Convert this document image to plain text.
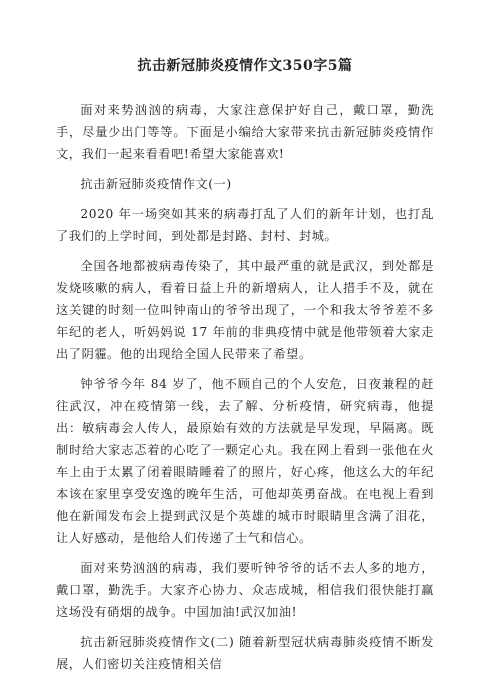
抗击新冠肺炎疫情作文350字5篇
面对来势汹汹的病毒，大家注意保护好自己，戴口罩，勤洗手，尽量少出门等等。下面是小编给大家带来抗击新冠肺炎疫情作文，我们一起来看看吧!希望大家能喜欢!
抗击新冠肺炎疫情作文(一)
2020 年一场突如其来的病毒打乱了人们的新年计划，也打乱了我们的上学时间，到处都是封路、封村、封城。
全国各地都被病毒传染了，其中最严重的就是武汉，到处都是发烧咳嗽的病人，看着日益上升的新增病人，让人措手不及，就在这关键的时刻一位叫钟南山的爷爷出现了，一个和我太爷爷差不多年纪的老人，听妈妈说 17 年前的非典疫情中就是他带领着大家走出了阴霾。他的出现给全国人民带来了希望。
钟爷爷今年 84 岁了，他不顾自己的个人安危，日夜兼程的赶往武汉，冲在疫情第一线，去了解、分析疫情，研究病毒，他提出：敏病毒会人传人，最原始有效的方法就是早发现，早隔离。既制时给大家志忑着的心吃了一颗定心丸。我在网上看到一张他在火车上由于太累了闭着眼睛睡着了的照片，好心疼，他这么大的年纪本该在家里享受安逸的晚年生活，可他却英勇奋战。在电视上看到他在新闻发布会上提到武汉是个英雄的城市时眼睛里含满了泪花，让人好感动，是他给人们传递了士气和信心。
面对来势汹汹的病毒，我们要听钟爷爷的话不去人多的地方，戴口罩，勤洗手。大家齐心协力、众志成城，相信我们很快能打赢这场没有硝烟的战争。中国加油!武汉加油!
抗击新冠肺炎疫情作文(二) 随着新型冠状病毒肺炎疫情不断发展，人们密切关注疫情相关信
